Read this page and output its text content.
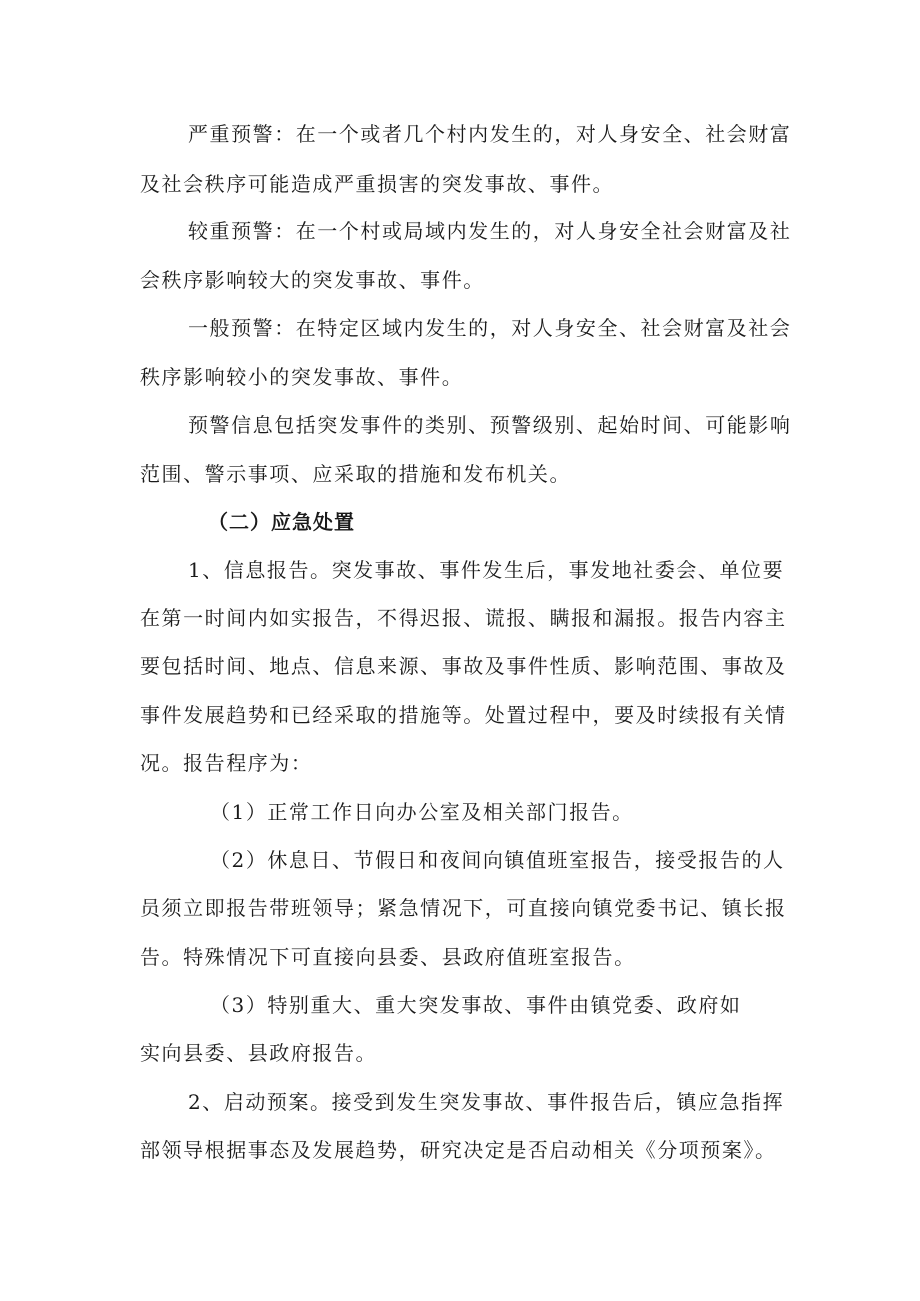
严重预警：在一个或者几个村内发生的，对人身安全、社会财富
及社会秩序可能造成严重损害的突发事故、事件。
较重预警：在一个村或局域内发生的，对人身安全社会财富及社
会秩序影响较大的突发事故、事件。
一般预警：在特定区域内发生的，对人身安全、社会财富及社会
秩序影响较小的突发事故、事件。
预警信息包括突发事件的类别、预警级别、起始时间、可能影响
范围、警示事项、应采取的措施和发布机关。
（二）应急处置
1、信息报告。突发事故、事件发生后，事发地社委会、单位要
在第一时间内如实报告，不得迟报、谎报、瞒报和漏报。报告内容主
要包括时间、地点、信息来源、事故及事件性质、影响范围、事故及
事件发展趋势和已经采取的措施等。处置过程中，要及时续报有关情
况。报告程序为：
（1）正常工作日向办公室及相关部门报告。
（2）休息日、节假日和夜间向镇值班室报告，接受报告的人
员须立即报告带班领导；紧急情况下，可直接向镇党委书记、镇长报
告。特殊情况下可直接向县委、县政府值班室报告。
（3）特别重大、重大突发事故、事件由镇党委、政府如
实向县委、县政府报告。
2、启动预案。接受到发生突发事故、事件报告后，镇应急指挥
部领导根据事态及发展趋势，研究决定是否启动相关《分项预案》。
